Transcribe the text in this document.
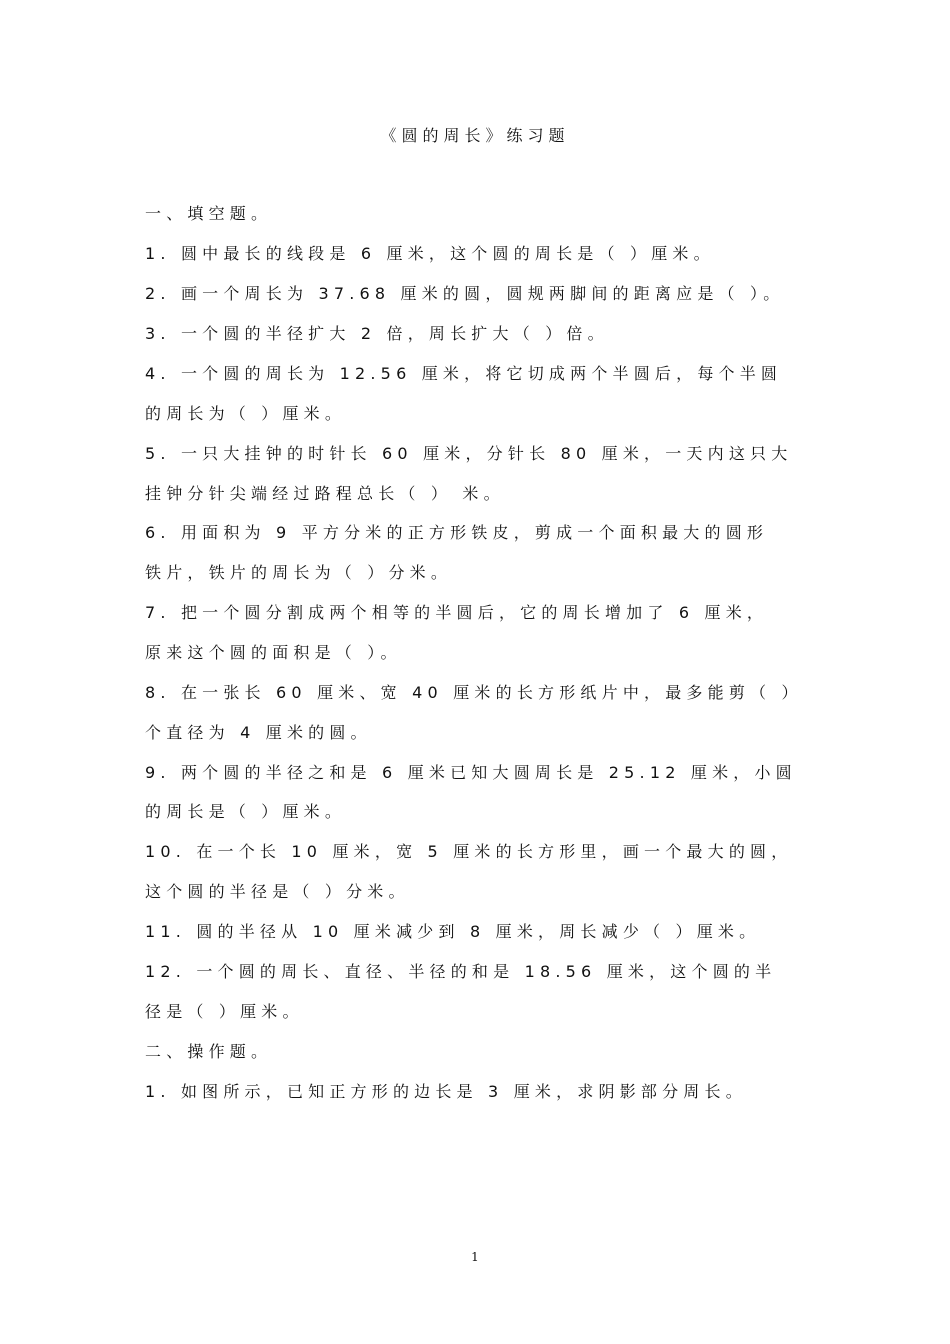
《圆的周长》练习题
一、填空题。
1. 圆中最长的线段是 6 厘米，这个圆的周长是（ ）厘米。
2. 画一个周长为 37.68 厘米的圆，圆规两脚间的距离应是（ ）。
3. 一个圆的半径扩大 2 倍，周长扩大（ ）倍。
4. 一个圆的周长为 12.56 厘米，将它切成两个半圆后，每个半圆
的周长为（ ）厘米。
5. 一只大挂钟的时针长 60 厘米，分针长 80 厘米，一天内这只大
挂钟分针尖端经过路程总长（ ） 米。
6. 用面积为 9 平方分米的正方形铁皮，剪成一个面积最大的圆形
铁片，铁片的周长为（ ）分米。
7. 把一个圆分割成两个相等的半圆后，它的周长增加了 6 厘米，
原来这个圆的面积是（ ）。
8. 在一张长 60 厘米、宽 40 厘米的长方形纸片中，最多能剪（ ）
个直径为 4 厘米的圆。
9. 两个圆的半径之和是 6 厘米已知大圆周长是 25.12 厘米，小圆
的周长是（ ）厘米。
10. 在一个长 10 厘米，宽 5 厘米的长方形里，画一个最大的圆，
这个圆的半径是（ ）分米。
11. 圆的半径从 10 厘米减少到 8 厘米，周长减少（ ）厘米。
12. 一个圆的周长、直径、半径的和是 18.56 厘米，这个圆的半
径是（ ）厘米。
二、操作题。
1. 如图所示，已知正方形的边长是 3 厘米，求阴影部分周长。
1
